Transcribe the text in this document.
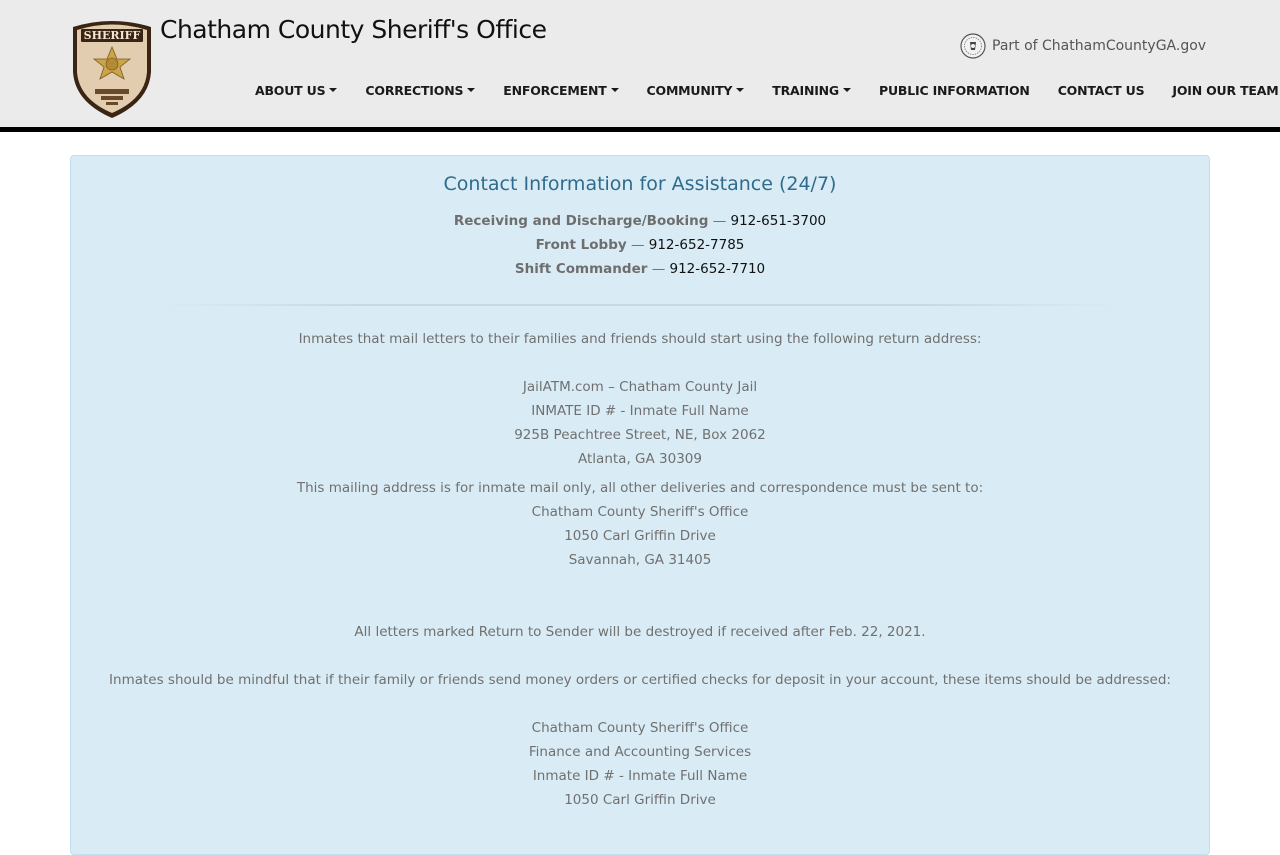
SHERIFF Chatham County Sheriff's Office
Part of ChathamCountyGA.gov
ABOUT US	CORRECTIONS	ENFORCEMENT	COMMUNITY	TRAINING	PUBLIC INFORMATION CONTACT US JOIN OUR TEAM
Contact Information for Assistance (24/7)
Receiving and Discharge/Booking — 912-651-3700
Front Lobby — 912-652-7785
Shift Commander — 912-652-7710

Inmates that mail letters to their families and friends should start using the following return address:

JailATM.com – Chatham County Jail
INMATE ID # - Inmate Full Name
925B Peachtree Street, NE, Box 2062
Atlanta, GA 30309

This mailing address is for inmate mail only, all other deliveries and correspondence must be sent to:

Chatham County Sheriff's Office
1050 Carl Griffin Drive
Savannah, GA 31405

All letters marked Return to Sender will be destroyed if received after Feb. 22, 2021.

Inmates should be mindful that if their family or friends send money orders or certified checks for deposit in your account, these items should be addressed:

Chatham County Sheriff's Office
Finance and Accounting Services
Inmate ID # - Inmate Full Name
1050 Carl Griffin Drive
